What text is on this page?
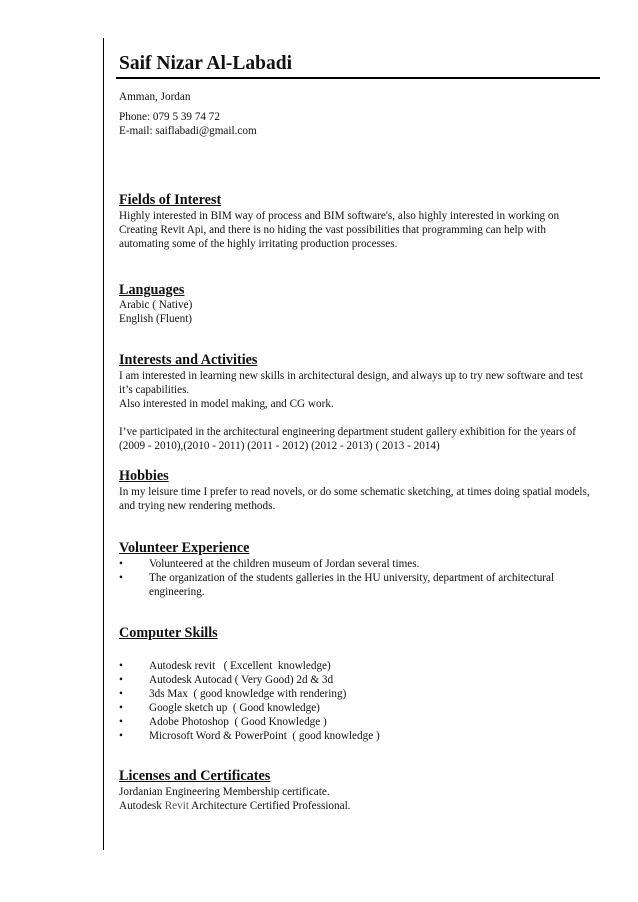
Saif Nizar Al-Labadi
Amman, Jordan
Phone: 079 5 39 74 72
E-mail: saiflabadi@gmail.com
Fields of Interest
Highly interested in BIM way of process and BIM software's, also highly interested in working on Creating Revit Api, and there is no hiding the vast possibilities that programming can help with automating some of the highly irritating production processes.
Languages
Arabic ( Native)
English (Fluent)
Interests and Activities
I am interested in learning new skills in architectural design, and always up to try new software and test it’s capabilities.
Also interested in model making, and CG work.
I’ve participated in the architectural engineering department student gallery exhibition for the years of (2009 - 2010),(2010 - 2011) (2011 - 2012) (2012 - 2013) ( 2013 - 2014)
Hobbies
In my leisure time I prefer to read novels, or do some schematic sketching, at times doing spatial models, and trying new rendering methods.
Volunteer Experience
• Volunteered at the children museum of Jordan several times.
• The organization of the students galleries in the HU university, department of architectural engineering.
Computer Skills
• Autodesk revit   ( Excellent  knowledge)
• Autodesk Autocad ( Very Good) 2d & 3d
• 3ds Max  ( good knowledge with rendering)
• Google sketch up  ( Good knowledge)
• Adobe Photoshop  ( Good Knowledge )
• Microsoft Word & PowerPoint  ( good knowledge )
Licenses and Certificates
Jordanian Engineering Membership certificate.
Autodesk Revit Architecture Certified Professional.
